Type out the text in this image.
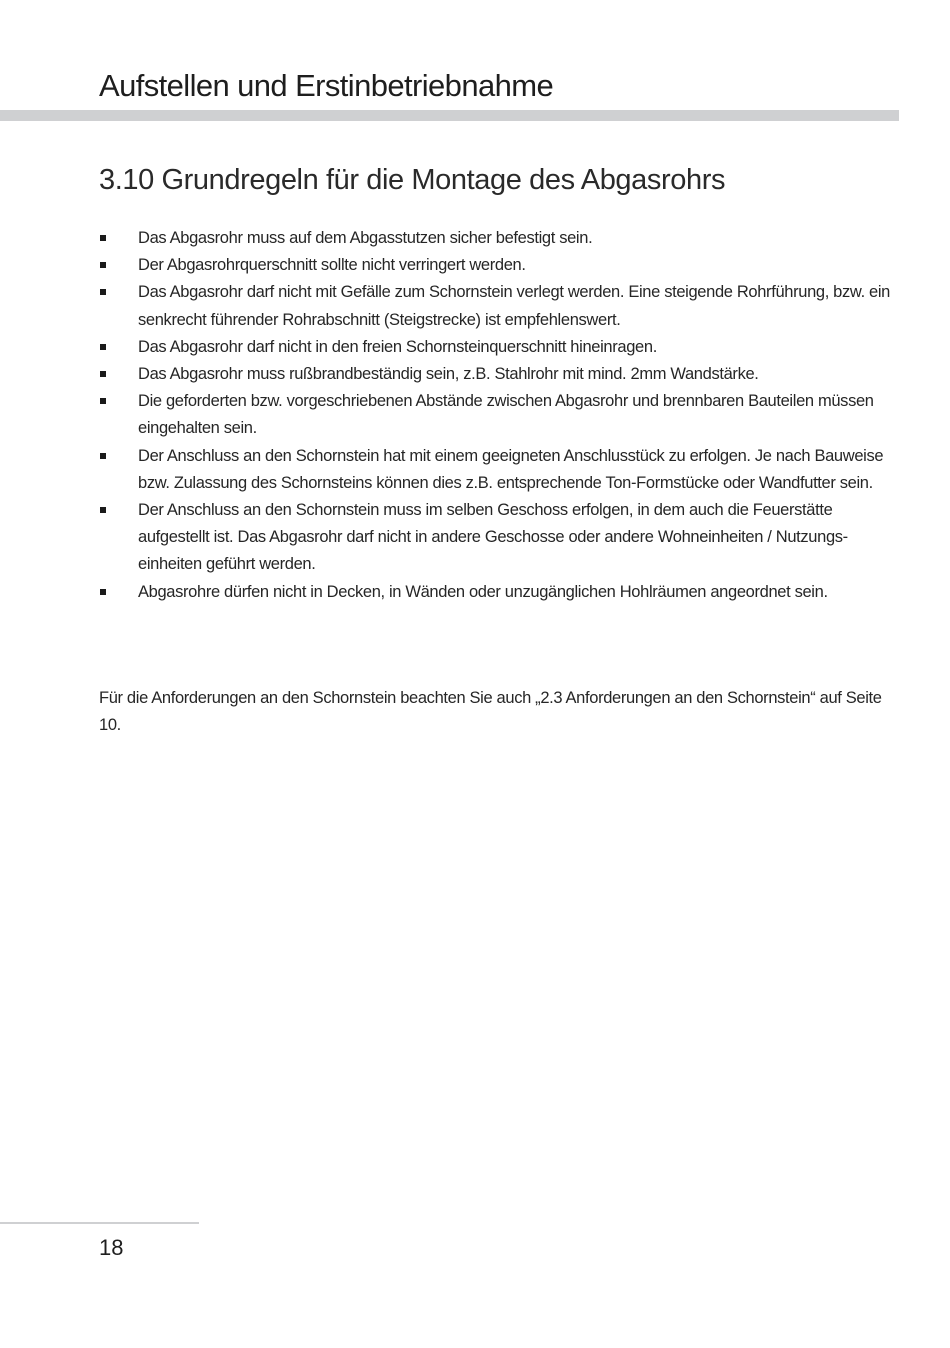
Aufstellen und Erstinbetriebnahme
3.10 Grundregeln für die Montage des Abgasrohrs
Das Abgasrohr muss auf dem Abgasstutzen sicher befestigt sein.
Der Abgasrohrquerschnitt sollte nicht verringert werden.
Das Abgasrohr darf nicht mit Gefälle zum Schornstein verlegt werden. Eine steigende Rohrführung, bzw. ein senkrecht führender Rohrabschnitt (Steigstrecke) ist empfehlenswert.
Das Abgasrohr darf nicht in den freien Schornsteinquerschnitt hineinragen.
Das Abgasrohr muss rußbrandbeständig sein, z.B. Stahlrohr mit mind. 2mm Wandstärke.
Die geforderten bzw. vorgeschriebenen Abstände zwischen Abgasrohr und brennbaren Bauteilen müssen eingehalten sein.
Der Anschluss an den Schornstein hat mit einem geeigneten Anschlusstück zu erfolgen. Je nach Bauweise bzw. Zulassung des Schornsteins können dies z.B. entsprechende Ton-Formstücke oder Wandfutter sein.
Der Anschluss an den Schornstein muss im selben Geschoss erfolgen, in dem auch die Feuerstätte aufgestellt ist. Das Abgasrohr darf nicht in andere Geschosse oder andere Wohneinheiten / Nutzungs-einheiten geführt werden.
Abgasrohre dürfen nicht in Decken, in Wänden oder unzugänglichen Hohlräumen angeordnet sein.

Für die Anforderungen an den Schornstein beachten Sie auch „2.3 Anforderungen an den Schornstein“ auf Seite 10.

18
